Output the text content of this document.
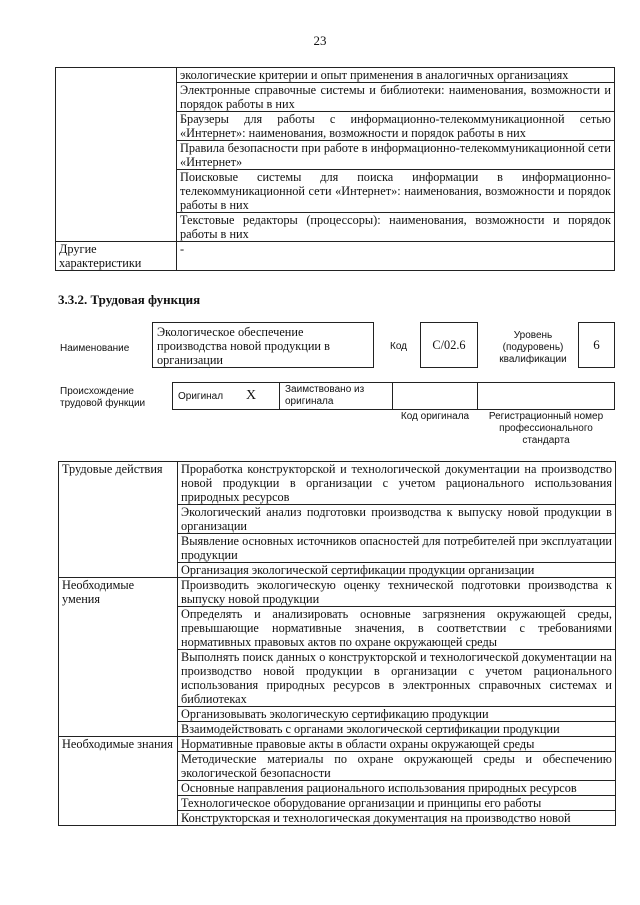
23
	экологические критерии и опыт применения в аналогичных организациях
	Электронные справочные системы и библиотеки: наименования, возможности и порядок работы в них
	Браузеры для работы с информационно-телекоммуникационной сетью «Интернет»: наименования, возможности и порядок работы в них
	Правила безопасности при работе в информационно-телекоммуникационной сети «Интернет»
	Поисковые системы для поиска информации в информационно-телекоммуникационной сети «Интернет»: наименования, возможности и порядок работы в них
	Текстовые редакторы (процессоры): наименования, возможности и порядок работы в них
Другие характеристики	-
3.3.2. Трудовая функция
Наименование
Экологическое обеспечение производства новой продукции в организации
Код С/02.6
Уровень (подуровень) квалификации
6
Происхождение трудовой функции
Оригинал X	Заимствовано из оригинала
Код оригинала	Регистрационный номер профессионального стандарта
Трудовые действия	Проработка конструкторской и технологической документации на производство новой продукции в организации с учетом рационального использования природных ресурсов
	Экологический анализ подготовки производства к выпуску новой продукции в организации
	Выявление основных источников опасностей для потребителей при эксплуатации продукции
	Организация экологической сертификации продукции организации
Необходимые умения	Производить экологическую оценку технической подготовки производства к выпуску новой продукции
	Определять и анализировать основные загрязнения окружающей среды, превышающие нормативные значения, в соответствии с требованиями нормативных правовых актов по охране окружающей среды
	Выполнять поиск данных о конструкторской и технологической документации на производство новой продукции в организации с учетом рационального использования природных ресурсов в электронных справочных системах и библиотеках
	Организовывать экологическую сертификацию продукции
	Взаимодействовать с органами экологической сертификации продукции
Необходимые знания	Нормативные правовые акты в области охраны окружающей среды
	Методические материалы по охране окружающей среды и обеспечению экологической безопасности
	Основные направления рационального использования природных ресурсов
	Технологическое оборудование организации и принципы его работы
	Конструкторская и технологическая документация на производство новой
